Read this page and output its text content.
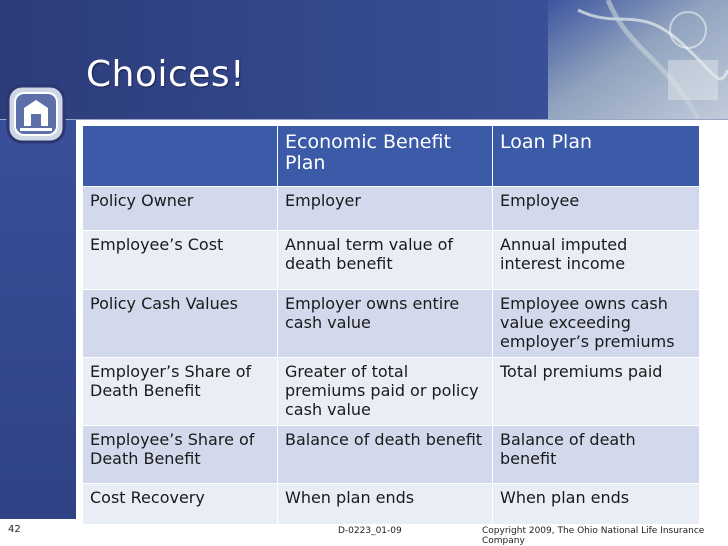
Choices!
	Economic Benefit Plan	Loan Plan
Policy Owner	Employer	Employee
Employee’s Cost	Annual term value of death benefit	Annual imputed interest income
Policy Cash Values	Employer owns entire cash value	Employee owns cash value exceeding employer’s premiums
Employer’s Share of Death Benefit	Greater of total premiums paid or policy cash value	Total premiums paid
Employee’s Share of Death Benefit	Balance of death benefit	Balance of death benefit
Cost Recovery	When plan ends	When plan ends
42	D-0223_01-09	Copyright 2009, The Ohio National Life Insurance Company
